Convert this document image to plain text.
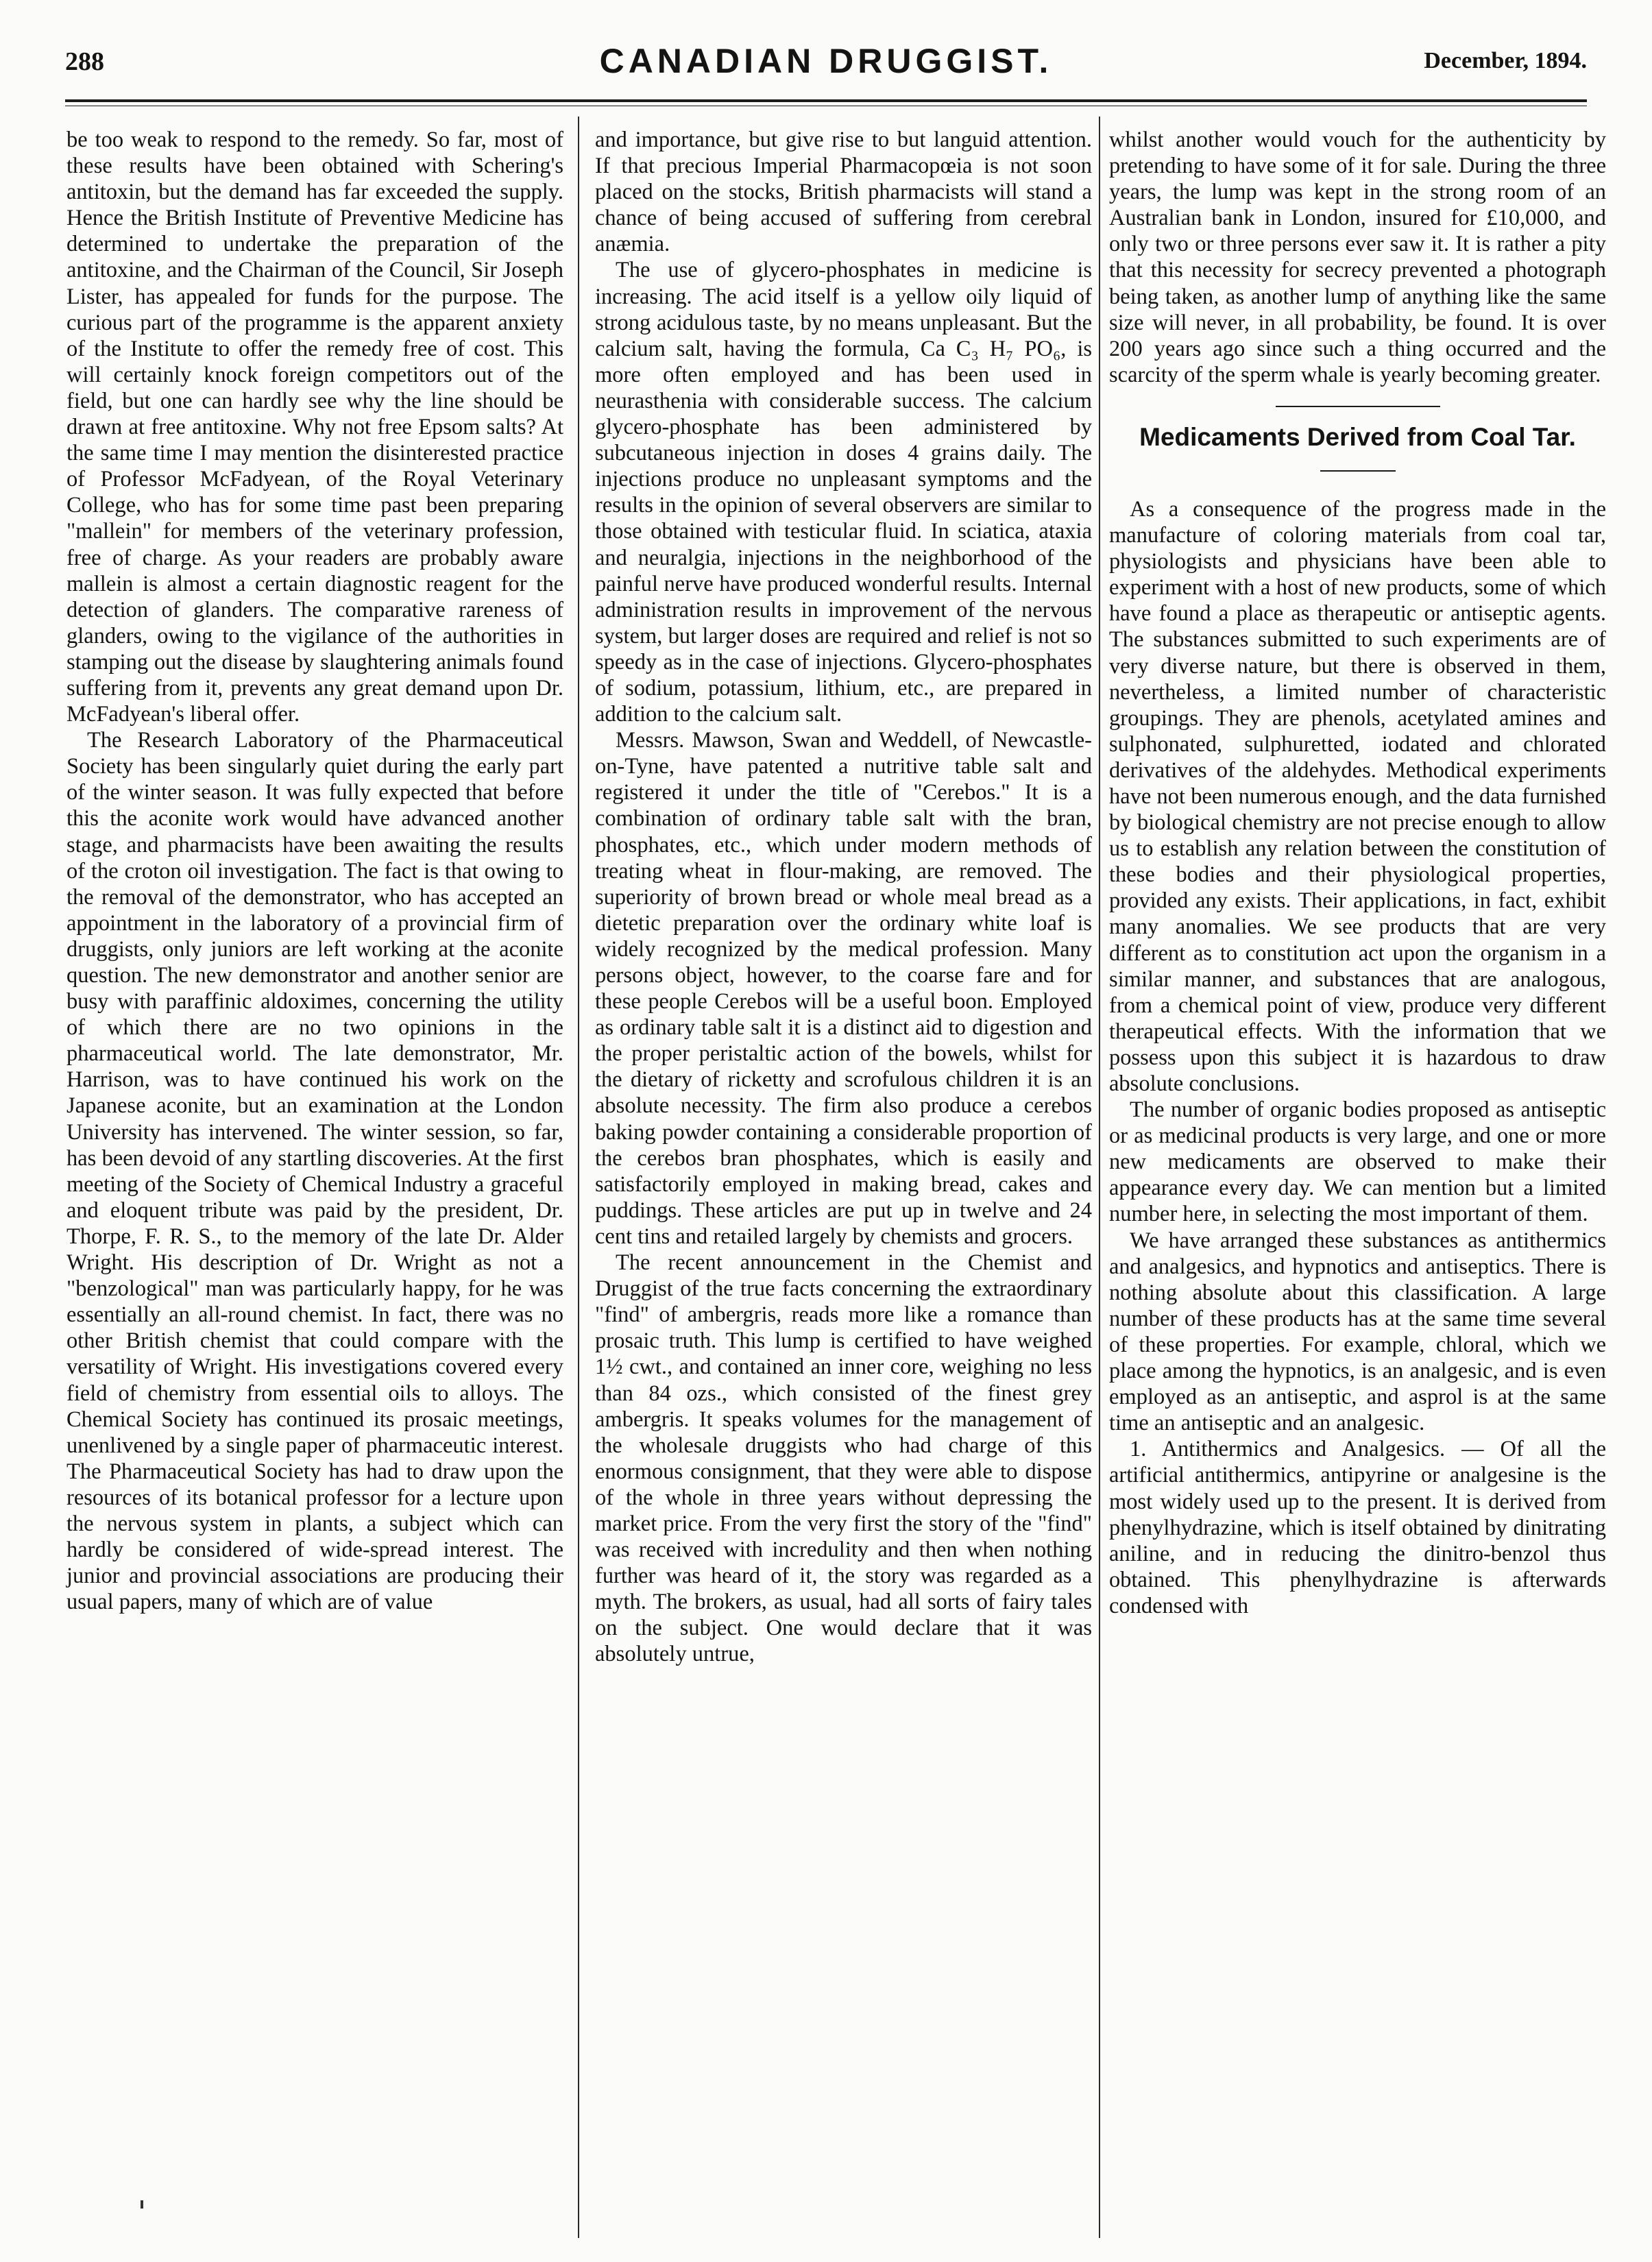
288	CANADIAN DRUGGIST.	December, 1894.

be too weak to respond to the remedy. So far, most of these results have been obtained with Schering's antitoxin, but the demand has far exceeded the supply. Hence the British Institute of Preventive Medicine has determined to undertake the preparation of the antitoxine, and the Chairman of the Council, Sir Joseph Lister, has appealed for funds for the purpose. The curious part of the programme is the apparent anxiety of the Institute to offer the remedy free of cost. This will certainly knock foreign competitors out of the field, but one can hardly see why the line should be drawn at free antitoxine. Why not free Epsom salts? At the same time I may mention the disinterested practice of Professor McFadyean, of the Royal Veterinary College, who has for some time past been preparing "mallein" for members of the veterinary profession, free of charge. As your readers are probably aware mallein is almost a certain diagnostic reagent for the detection of glanders. The comparative rareness of glanders, owing to the vigilance of the authorities in stamping out the disease by slaughtering animals found suffering from it, prevents any great demand upon Dr. McFadyean's liberal offer.

The Research Laboratory of the Pharmaceutical Society has been singularly quiet during the early part of the winter season. It was fully expected that before this the aconite work would have advanced another stage, and pharmacists have been awaiting the results of the croton oil investigation. The fact is that owing to the removal of the demonstrator, who has accepted an appointment in the laboratory of a provincial firm of druggists, only juniors are left working at the aconite question. The new demonstrator and another senior are busy with paraffinic aldoximes, concerning the utility of which there are no two opinions in the pharmaceutical world. The late demonstrator, Mr. Harrison, was to have continued his work on the Japanese aconite, but an examination at the London University has intervened. The winter session, so far, has been devoid of any startling discoveries. At the first meeting of the Society of Chemical Industry a graceful and eloquent tribute was paid by the president, Dr. Thorpe, F. R. S., to the memory of the late Dr. Alder Wright. His description of Dr. Wright as not a "benzological" man was particularly happy, for he was essentially an all-round chemist. In fact, there was no other British chemist that could compare with the versatility of Wright. His investigations covered every field of chemistry from essential oils to alloys. The Chemical Society has continued its prosaic meetings, unenlivened by a single paper of pharmaceutic interest. The Pharmaceutical Society has had to draw upon the resources of its botanical professor for a lecture upon the nervous system in plants, a subject which can hardly be considered of wide-spread interest. The junior and provincial associations are producing their usual papers, many of which are of value

and importance, but give rise to but languid attention. If that precious Imperial Pharmacopœia is not soon placed on the stocks, British pharmacists will stand a chance of being accused of suffering from cerebral anæmia.

The use of glycero-phosphates in medicine is increasing. The acid itself is a yellow oily liquid of strong acidulous taste, by no means unpleasant. But the calcium salt, having the formula, Ca C₃ H₇ PO₆, is more often employed and has been used in neurasthenia with considerable success. The calcium glycero-phosphate has been administered by subcutaneous injection in doses 4 grains daily. The injections produce no unpleasant symptoms and the results in the opinion of several observers are similar to those obtained with testicular fluid. In sciatica, ataxia and neuralgia, injections in the neighborhood of the painful nerve have produced wonderful results. Internal administration results in improvement of the nervous system, but larger doses are required and relief is not so speedy as in the case of injections. Glycero-phosphates of sodium, potassium, lithium, etc., are prepared in addition to the calcium salt.

Messrs. Mawson, Swan and Weddell, of Newcastle-on-Tyne, have patented a nutritive table salt and registered it under the title of "Cerebos." It is a combination of ordinary table salt with the bran, phosphates, etc., which under modern methods of treating wheat in flour-making, are removed. The superiority of brown bread or whole meal bread as a dietetic preparation over the ordinary white loaf is widely recognized by the medical profession. Many persons object, however, to the coarse fare and for these people Cerebos will be a useful boon. Employed as ordinary table salt it is a distinct aid to digestion and the proper peristaltic action of the bowels, whilst for the dietary of ricketty and scrofulous children it is an absolute necessity. The firm also produce a cerebos baking powder containing a considerable proportion of the cerebos bran phosphates, which is easily and satisfactorily employed in making bread, cakes and puddings. These articles are put up in twelve and 24 cent tins and retailed largely by chemists and grocers.

The recent announcement in the Chemist and Druggist of the true facts concerning the extraordinary "find" of ambergris, reads more like a romance than prosaic truth. This lump is certified to have weighed 1½ cwt., and contained an inner core, weighing no less than 84 ozs., which consisted of the finest grey ambergris. It speaks volumes for the management of the wholesale druggists who had charge of this enormous consignment, that they were able to dispose of the whole in three years without depressing the market price. From the very first the story of the "find" was received with incredulity and then when nothing further was heard of it, the story was regarded as a myth. The brokers, as usual, had all sorts of fairy tales on the subject. One would declare that it was absolutely untrue,

whilst another would vouch for the authenticity by pretending to have some of it for sale. During the three years, the lump was kept in the strong room of an Australian bank in London, insured for £10,000, and only two or three persons ever saw it. It is rather a pity that this necessity for secrecy prevented a photograph being taken, as another lump of anything like the same size will never, in all probability, be found. It is over 200 years ago since such a thing occurred and the scarcity of the sperm whale is yearly becoming greater.

Medicaments Derived from Coal Tar.

As a consequence of the progress made in the manufacture of coloring materials from coal tar, physiologists and physicians have been able to experiment with a host of new products, some of which have found a place as therapeutic or antiseptic agents. The substances submitted to such experiments are of very diverse nature, but there is observed in them, nevertheless, a limited number of characteristic groupings. They are phenols, acetylated amines and sulphonated, sulphuretted, iodated and chlorated derivatives of the aldehydes. Methodical experiments have not been numerous enough, and the data furnished by biological chemistry are not precise enough to allow us to establish any relation between the constitution of these bodies and their physiological properties, provided any exists. Their applications, in fact, exhibit many anomalies. We see products that are very different as to constitution act upon the organism in a similar manner, and substances that are analogous, from a chemical point of view, produce very different therapeutical effects. With the information that we possess upon this subject it is hazardous to draw absolute conclusions.

The number of organic bodies proposed as antiseptic or as medicinal products is very large, and one or more new medicaments are observed to make their appearance every day. We can mention but a limited number here, in selecting the most important of them.

We have arranged these substances as antithermics and analgesics, and hypnotics and antiseptics. There is nothing absolute about this classification. A large number of these products has at the same time several of these properties. For example, chloral, which we place among the hypnotics, is an analgesic, and is even employed as an antiseptic, and asprol is at the same time an antiseptic and an analgesic.

1. Antithermics and Analgesics. — Of all the artificial antithermics, antipyrine or analgesine is the most widely used up to the present. It is derived from phenylhydrazine, which is itself obtained by dinitrating aniline, and in reducing the dinitro-benzol thus obtained. This phenylhydrazine is afterwards condensed with
